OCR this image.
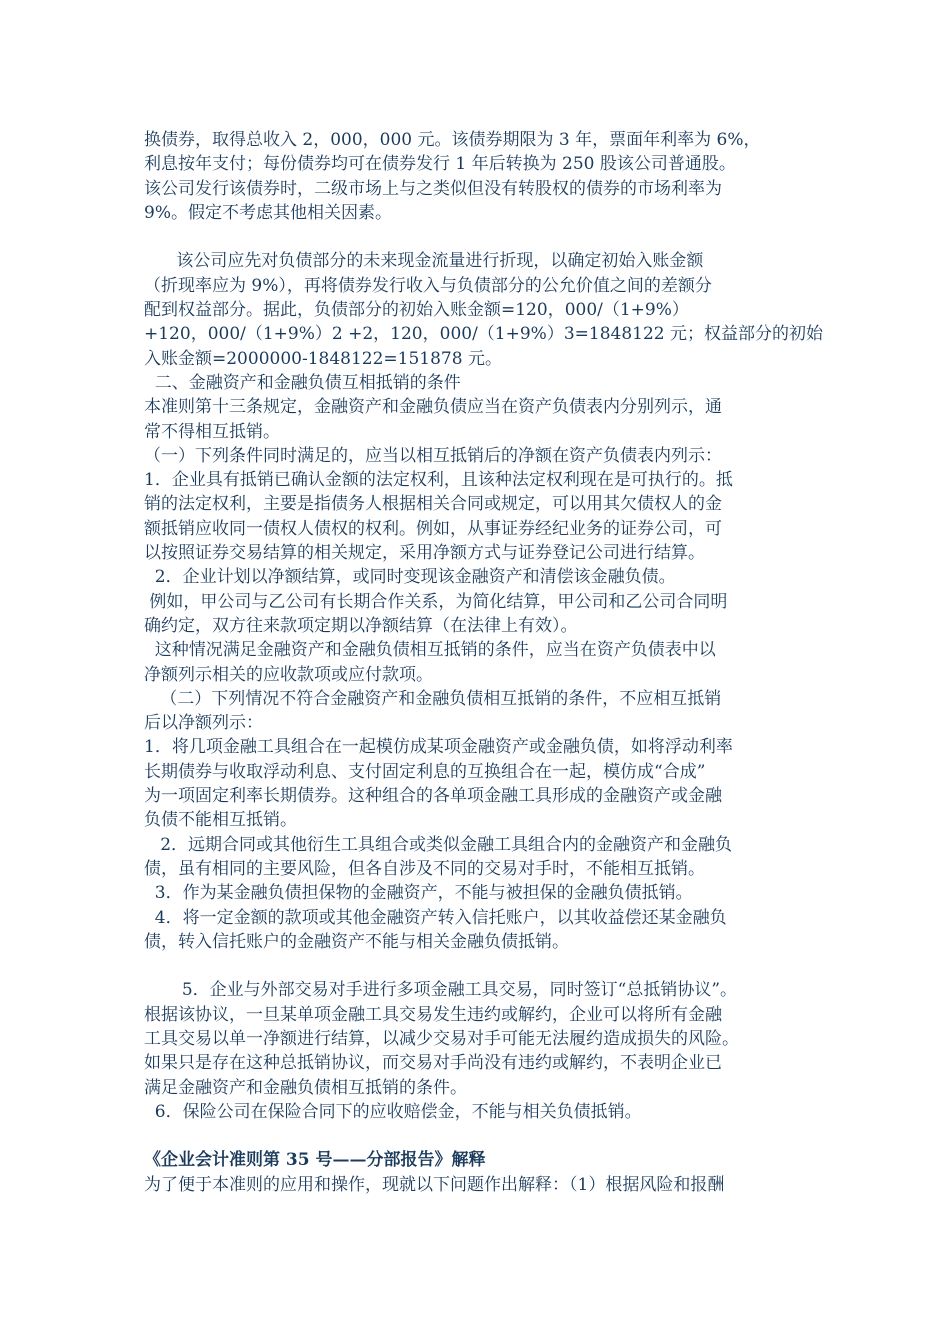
换债券，取得总收入 2，000，000 元。该债券期限为 3 年，票面年利率为 6%，
利息按年支付；每份债券均可在债券发行 1 年后转换为 250 股该公司普通股。
该公司发行该债券时，二级市场上与之类似但没有转股权的债券的市场利率为
9%。假定不考虑其他相关因素。
该公司应先对负债部分的未来现金流量进行折现，以确定初始入账金额
（折现率应为 9%），再将债券发行收入与负债部分的公允价值之间的差额分
配到权益部分。据此，负债部分的初始入账金额=120，000/（1+9%）
+120，000/（1+9%）2 +2，120，000/（1+9%）3=1848122 元；权益部分的初始
入账金额=2000000-1848122=151878 元。
二、金融资产和金融负债互相抵销的条件
本准则第十三条规定，金融资产和金融负债应当在资产负债表内分别列示，通
常不得相互抵销。
（一）下列条件同时满足的，应当以相互抵销后的净额在资产负债表内列示：
1．企业具有抵销已确认金额的法定权利，且该种法定权利现在是可执行的。抵
销的法定权利，主要是指债务人根据相关合同或规定，可以用其欠债权人的金
额抵销应收同一债权人债权的权利。例如，从事证券经纪业务的证券公司，可
以按照证券交易结算的相关规定，采用净额方式与证券登记公司进行结算。
2．企业计划以净额结算，或同时变现该金融资产和清偿该金融负债。
例如，甲公司与乙公司有长期合作关系，为简化结算，甲公司和乙公司合同明
确约定，双方往来款项定期以净额结算（在法律上有效）。
这种情况满足金融资产和金融负债相互抵销的条件，应当在资产负债表中以
净额列示相关的应收款项或应付款项。
（二）下列情况不符合金融资产和金融负债相互抵销的条件，不应相互抵销
后以净额列示：
1．将几项金融工具组合在一起模仿成某项金融资产或金融负债，如将浮动利率
长期债券与收取浮动利息、支付固定利息的互换组合在一起，模仿成“合成”
为一项固定利率长期债券。这种组合的各单项金融工具形成的金融资产或金融
负债不能相互抵销。
2．远期合同或其他衍生工具组合或类似金融工具组合内的金融资产和金融负
债，虽有相同的主要风险，但各自涉及不同的交易对手时，不能相互抵销。
3．作为某金融负债担保物的金融资产，不能与被担保的金融负债抵销。
4．将一定金额的款项或其他金融资产转入信托账户，以其收益偿还某金融负
债，转入信托账户的金融资产不能与相关金融负债抵销。
5．企业与外部交易对手进行多项金融工具交易，同时签订“总抵销协议”。
根据该协议，一旦某单项金融工具交易发生违约或解约，企业可以将所有金融
工具交易以单一净额进行结算，以减少交易对手可能无法履约造成损失的风险。
如果只是存在这种总抵销协议，而交易对手尚没有违约或解约，不表明企业已
满足金融资产和金融负债相互抵销的条件。
6．保险公司在保险合同下的应收赔偿金，不能与相关负债抵销。
《企业会计准则第 35 号——分部报告》解释
为了便于本准则的应用和操作，现就以下问题作出解释：（1）根据风险和报酬
